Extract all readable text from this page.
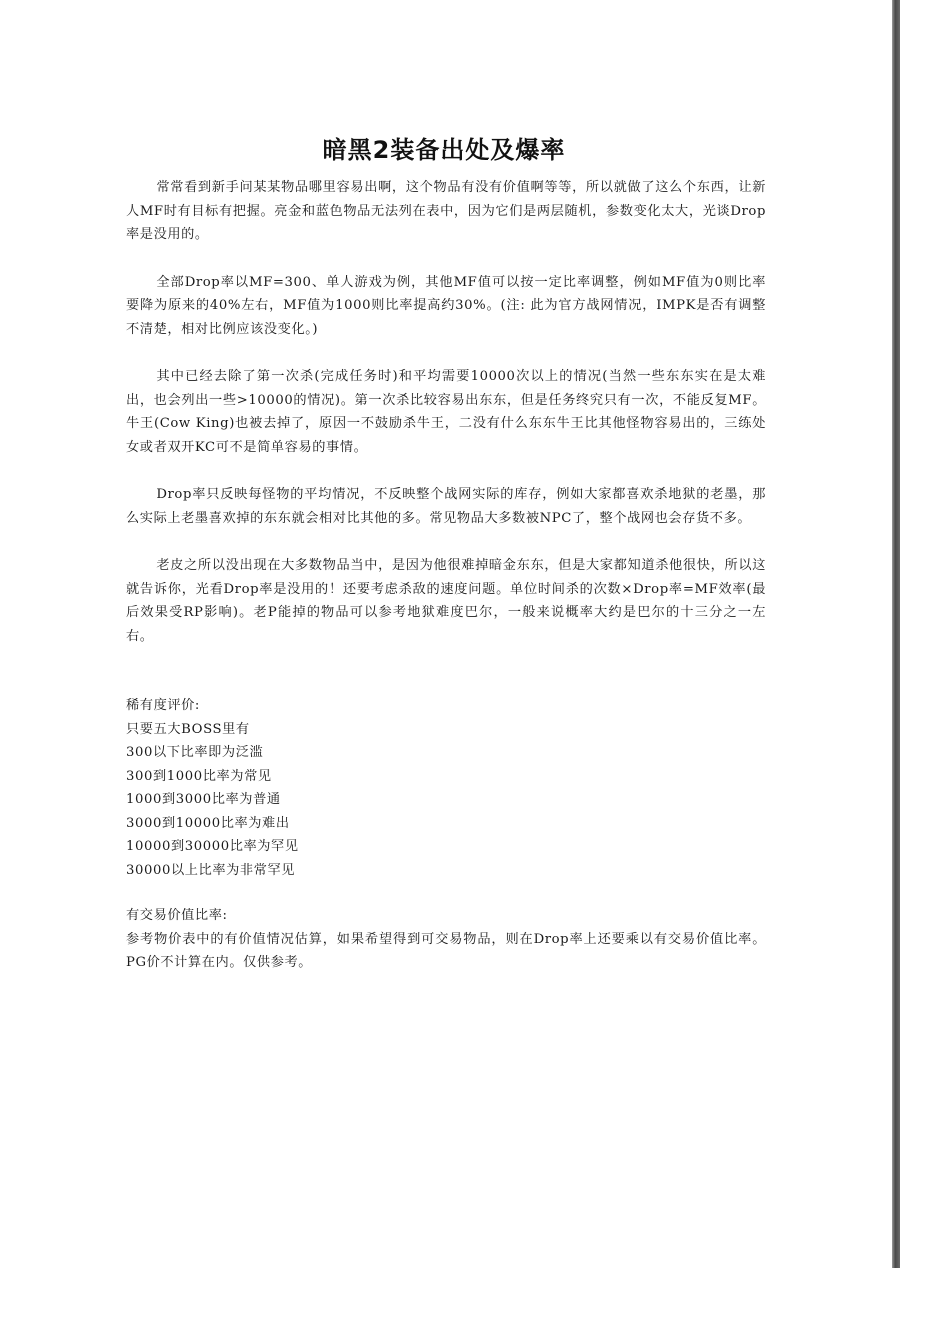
暗黑2装备出处及爆率

常常看到新手问某某物品哪里容易出啊，这个物品有没有价值啊等等，所以就做了这么个东西，让新人MF时有目标有把握。亮金和蓝色物品无法列在表中，因为它们是两层随机，参数变化太大，光谈Drop率是没用的。

全部Drop率以MF=300、单人游戏为例，其他MF值可以按一定比率调整，例如MF值为0则比率要降为原来的40%左右，MF值为1000则比率提高约30%。(注: 此为官方战网情况，IMPK是否有调整不清楚，相对比例应该没变化。)

其中已经去除了第一次杀(完成任务时)和平均需要10000次以上的情况(当然一些东东实在是太难出，也会列出一些>10000的情况)。第一次杀比较容易出东东，但是任务终究只有一次，不能反复MF。牛王(Cow King)也被去掉了，原因一不鼓励杀牛王，二没有什么东东牛王比其他怪物容易出的，三练处女或者双开KC可不是简单容易的事情。

Drop率只反映每怪物的平均情况，不反映整个战网实际的库存，例如大家都喜欢杀地狱的老墨，那么实际上老墨喜欢掉的东东就会相对比其他的多。常见物品大多数被NPC了，整个战网也会存货不多。

老皮之所以没出现在大多数物品当中，是因为他很难掉暗金东东，但是大家都知道杀他很快，所以这就告诉你，光看Drop率是没用的！还要考虑杀敌的速度问题。单位时间杀的次数×Drop率=MF效率(最后效果受RP影响)。老P能掉的物品可以参考地狱难度巴尔，一般来说概率大约是巴尔的十三分之一左右。

稀有度评价:
只要五大BOSS里有
300以下比率即为泛滥
300到1000比率为常见
1000到3000比率为普通
3000到10000比率为难出
10000到30000比率为罕见
30000以上比率为非常罕见
有交易价值比率:

参考物价表中的有价值情况估算，如果希望得到可交易物品，则在Drop率上还要乘以有交易价值比率。PG价不计算在内。仅供参考。
